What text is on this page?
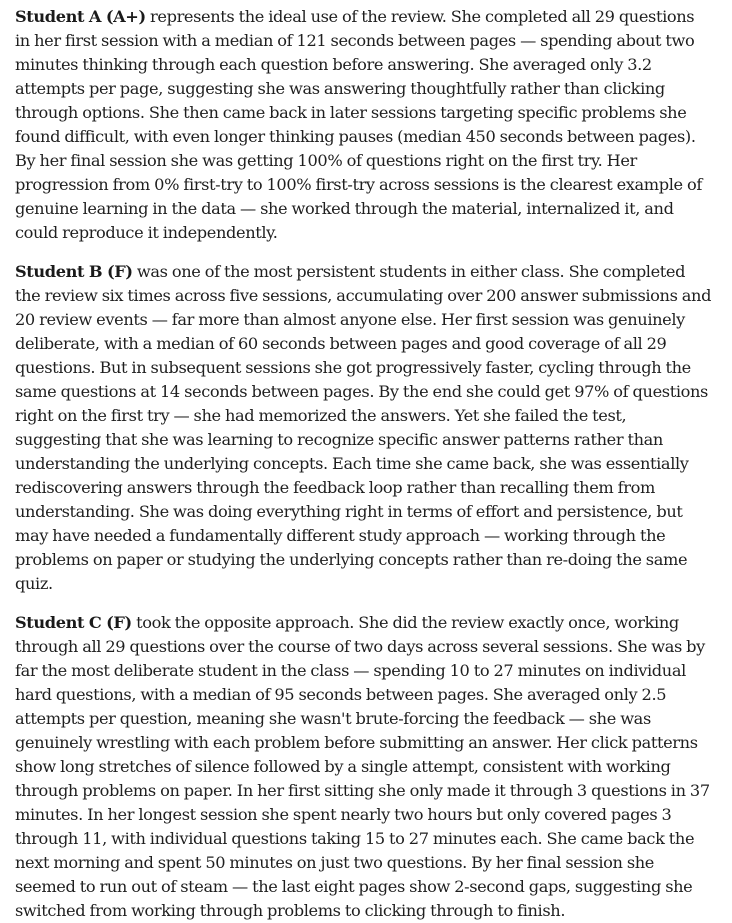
Student A (A+) represents the ideal use of the review. She completed all 29 questions in her first session with a median of 121 seconds between pages — spending about two minutes thinking through each question before answering. She averaged only 3.2 attempts per page, suggesting she was answering thoughtfully rather than clicking through options. She then came back in later sessions targeting specific problems she found difficult, with even longer thinking pauses (median 450 seconds between pages). By her final session she was getting 100% of questions right on the first try. Her progression from 0% first-try to 100% first-try across sessions is the clearest example of genuine learning in the data — she worked through the material, internalized it, and could reproduce it independently.

Student B (F) was one of the most persistent students in either class. She completed the review six times across five sessions, accumulating over 200 answer submissions and 20 review events — far more than almost anyone else. Her first session was genuinely deliberate, with a median of 60 seconds between pages and good coverage of all 29 questions. But in subsequent sessions she got progressively faster, cycling through the same questions at 14 seconds between pages. By the end she could get 97% of questions right on the first try — she had memorized the answers. Yet she failed the test, suggesting that she was learning to recognize specific answer patterns rather than understanding the underlying concepts. Each time she came back, she was essentially rediscovering answers through the feedback loop rather than recalling them from understanding. She was doing everything right in terms of effort and persistence, but may have needed a fundamentally different study approach — working through the problems on paper or studying the underlying concepts rather than re-doing the same quiz.

Student C (F) took the opposite approach. She did the review exactly once, working through all 29 questions over the course of two days across several sessions. She was by far the most deliberate student in the class — spending 10 to 27 minutes on individual hard questions, with a median of 95 seconds between pages. She averaged only 2.5 attempts per question, meaning she wasn't brute-forcing the feedback — she was genuinely wrestling with each problem before submitting an answer. Her click patterns show long stretches of silence followed by a single attempt, consistent with working through problems on paper. In her first sitting she only made it through 3 questions in 37 minutes. In her longest session she spent nearly two hours but only covered pages 3 through 11, with individual questions taking 15 to 27 minutes each. She came back the next morning and spent 50 minutes on just two questions. By her final session she seemed to run out of steam — the last eight pages show 2-second gaps, suggesting she switched from working through problems to clicking through to finish.
